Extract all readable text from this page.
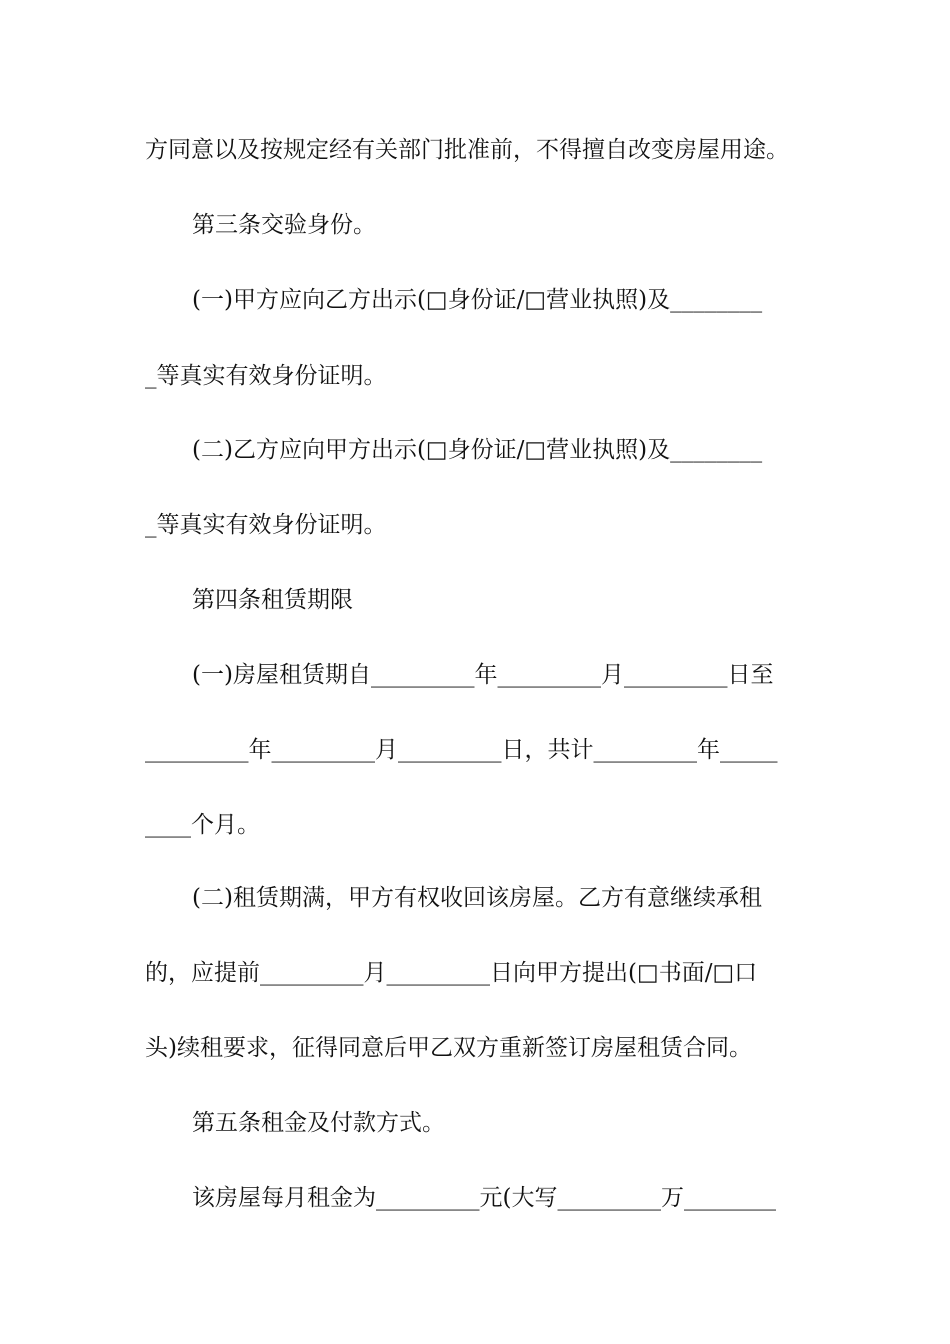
方同意以及按规定经有关部门批准前，不得擅自改变房屋用途。
第三条交验身份。
(一)甲方应向乙方出示(□身份证/□营业执照)及________
_等真实有效身份证明。
(二)乙方应向甲方出示(□身份证/□营业执照)及________
_等真实有效身份证明。
第四条租赁期限
(一)房屋租赁期自_________年_________月_________日至
_________年_________月_________日，共计_________年_____
____个月。
(二)租赁期满，甲方有权收回该房屋。乙方有意继续承租
的，应提前_________月_________日向甲方提出(□书面/□口
头)续租要求，征得同意后甲乙双方重新签订房屋租赁合同。
第五条租金及付款方式。
该房屋每月租金为_________元(大写_________万________
